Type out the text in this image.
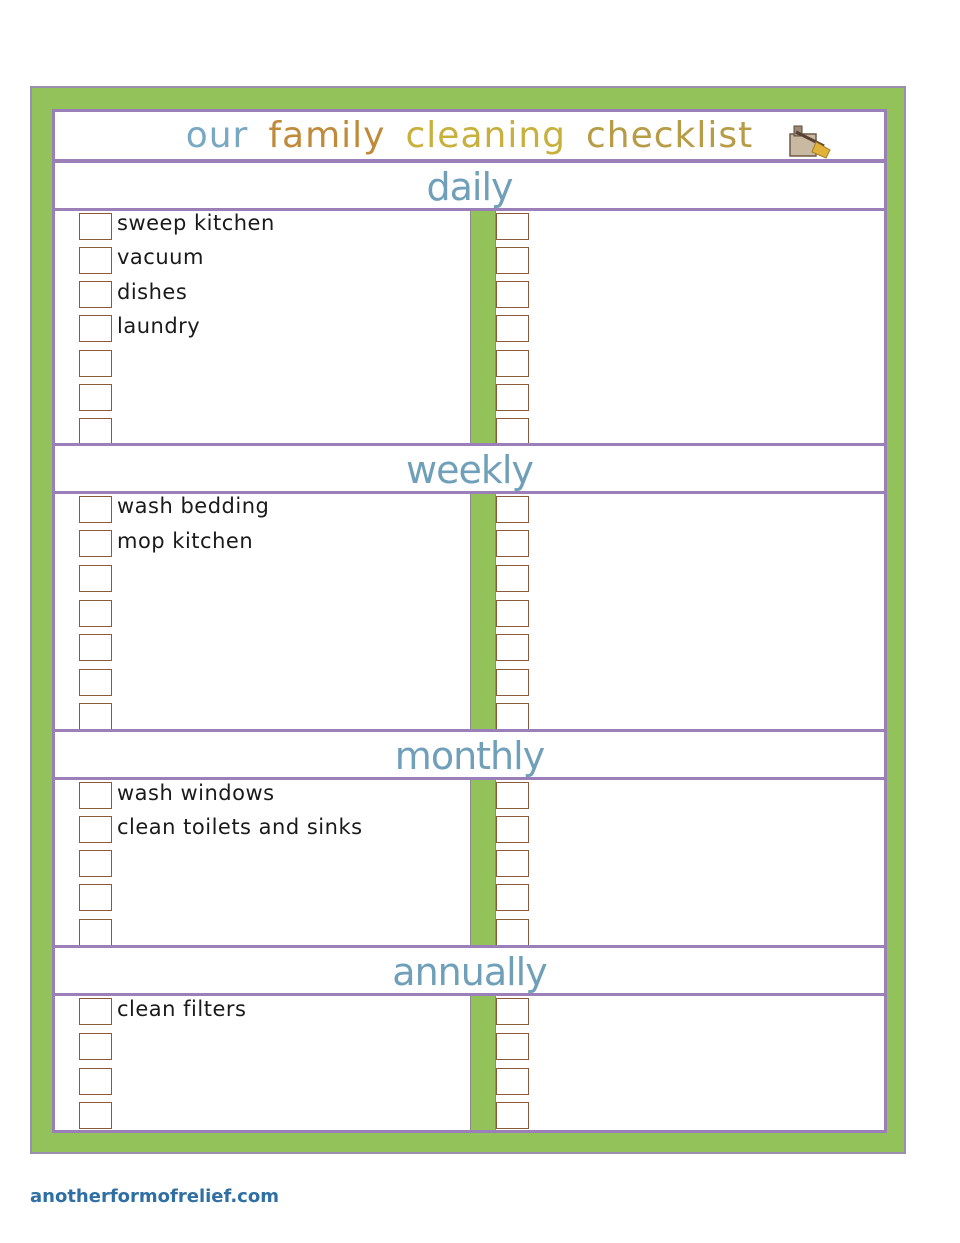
our family cleaning checklist
daily
sweep kitchen
vacuum
dishes
laundry
weekly
wash bedding
mop kitchen
monthly
wash windows
clean toilets and sinks
annually
clean filters
anotherformofrelief.com
